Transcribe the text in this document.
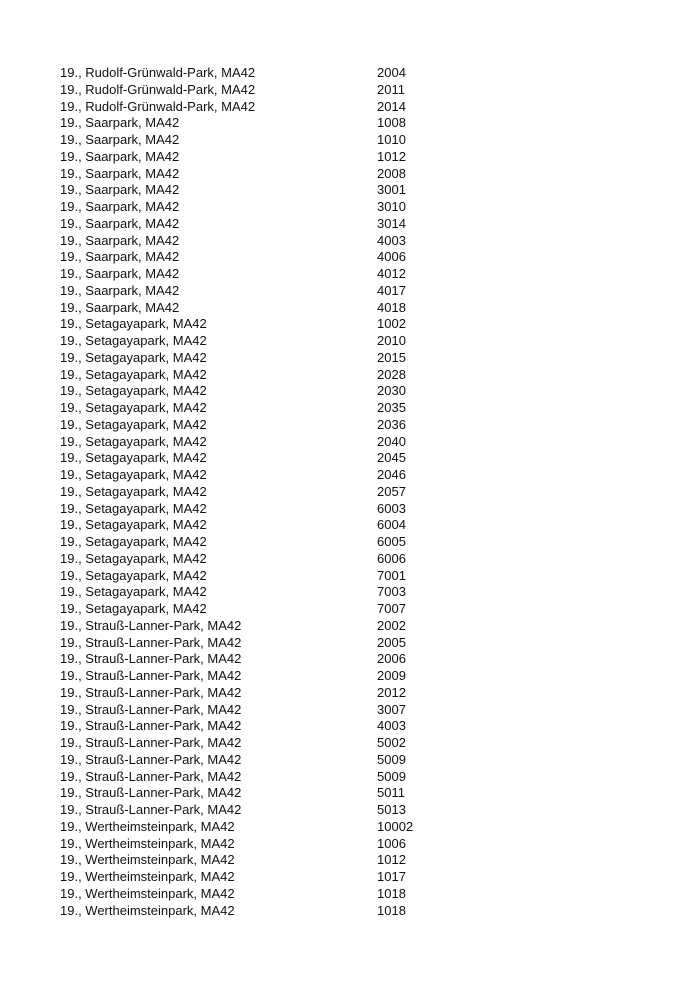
19., Rudolf-Grünwald-Park, MA42	2004
19., Rudolf-Grünwald-Park, MA42	2011
19., Rudolf-Grünwald-Park, MA42	2014
19., Saarpark, MA42	1008
19., Saarpark, MA42	1010
19., Saarpark, MA42	1012
19., Saarpark, MA42	2008
19., Saarpark, MA42	3001
19., Saarpark, MA42	3010
19., Saarpark, MA42	3014
19., Saarpark, MA42	4003
19., Saarpark, MA42	4006
19., Saarpark, MA42	4012
19., Saarpark, MA42	4017
19., Saarpark, MA42	4018
19., Setagayapark, MA42	1002
19., Setagayapark, MA42	2010
19., Setagayapark, MA42	2015
19., Setagayapark, MA42	2028
19., Setagayapark, MA42	2030
19., Setagayapark, MA42	2035
19., Setagayapark, MA42	2036
19., Setagayapark, MA42	2040
19., Setagayapark, MA42	2045
19., Setagayapark, MA42	2046
19., Setagayapark, MA42	2057
19., Setagayapark, MA42	6003
19., Setagayapark, MA42	6004
19., Setagayapark, MA42	6005
19., Setagayapark, MA42	6006
19., Setagayapark, MA42	7001
19., Setagayapark, MA42	7003
19., Setagayapark, MA42	7007
19., Strauß-Lanner-Park, MA42	2002
19., Strauß-Lanner-Park, MA42	2005
19., Strauß-Lanner-Park, MA42	2006
19., Strauß-Lanner-Park, MA42	2009
19., Strauß-Lanner-Park, MA42	2012
19., Strauß-Lanner-Park, MA42	3007
19., Strauß-Lanner-Park, MA42	4003
19., Strauß-Lanner-Park, MA42	5002
19., Strauß-Lanner-Park, MA42	5009
19., Strauß-Lanner-Park, MA42	5009
19., Strauß-Lanner-Park, MA42	5011
19., Strauß-Lanner-Park, MA42	5013
19., Wertheimsteinpark, MA42	10002
19., Wertheimsteinpark, MA42	1006
19., Wertheimsteinpark, MA42	1012
19., Wertheimsteinpark, MA42	1017
19., Wertheimsteinpark, MA42	1018
19., Wertheimsteinpark, MA42	1018
